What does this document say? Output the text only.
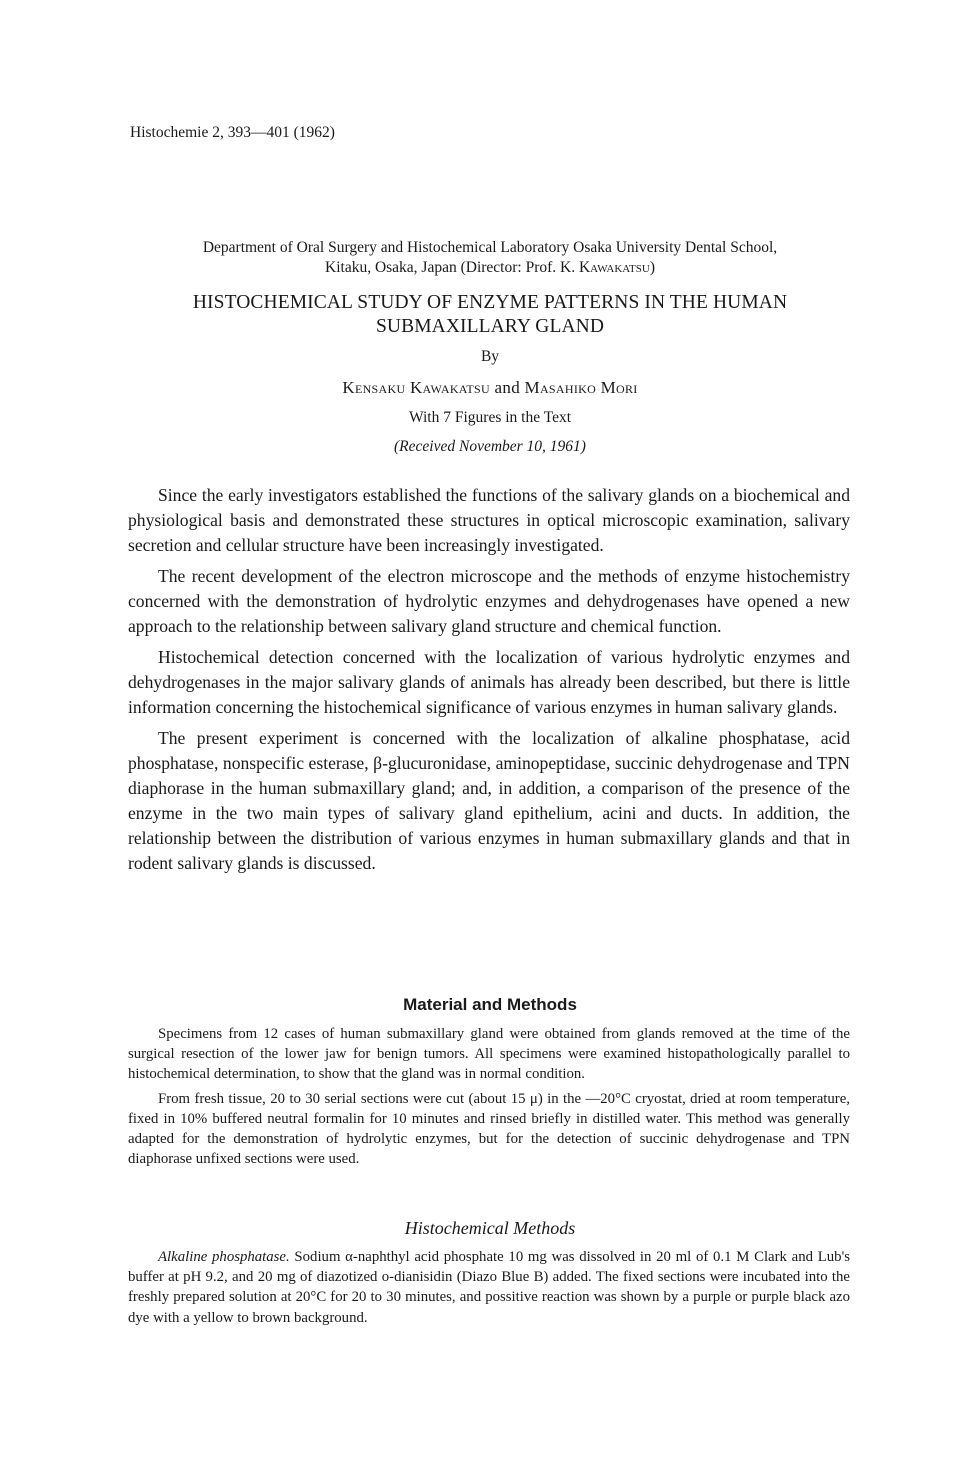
Histochemie 2, 393—401 (1962)
Department of Oral Surgery and Histochemical Laboratory Osaka University Dental School,
Kitaku, Osaka, Japan (Director: Prof. K. Kawakatsu)
HISTOCHEMICAL STUDY OF ENZYME PATTERNS IN THE HUMAN
SUBMAXILLARY GLAND
By
Kensaku Kawakatsu and Masahiko Mori
With 7 Figures in the Text
(Received November 10, 1961)

Since the early investigators established the functions of the salivary glands on a biochemical and physiological basis and demonstrated these structures in optical microscopic examination, salivary secretion and cellular structure have been increasingly investigated.

The recent development of the electron microscope and the methods of enzyme histochemistry concerned with the demonstration of hydrolytic enzymes and dehydrogenases have opened a new approach to the relationship between salivary gland structure and chemical function.

Histochemical detection concerned with the localization of various hydrolytic enzymes and dehydrogenases in the major salivary glands of animals has already been described, but there is little information concerning the histochemical significance of various enzymes in human salivary glands.

The present experiment is concerned with the localization of alkaline phosphatase, acid phosphatase, nonspecific esterase, β-glucuronidase, aminopeptidase, succinic dehydrogenase and TPN diaphorase in the human submaxillary gland; and, in addition, a comparison of the presence of the enzyme in the two main types of salivary gland epithelium, acini and ducts. In addition, the relationship between the distribution of various enzymes in human submaxillary glands and that in rodent salivary glands is discussed.

Material and Methods

Specimens from 12 cases of human submaxillary gland were obtained from glands removed at the time of the surgical resection of the lower jaw for benign tumors. All specimens were examined histopathologically parallel to histochemical determination, to show that the gland was in normal condition.

From fresh tissue, 20 to 30 serial sections were cut (about 15 μ) in the —20°C cryostat, dried at room temperature, fixed in 10% buffered neutral formalin for 10 minutes and rinsed briefly in distilled water. This method was generally adapted for the demonstration of hydrolytic enzymes, but for the detection of succinic dehydrogenase and TPN diaphorase unfixed sections were used.

Histochemical Methods

Alkaline phosphatase. Sodium α-naphthyl acid phosphate 10 mg was dissolved in 20 ml of 0.1 M Clark and Lub's buffer at pH 9.2, and 20 mg of diazotized o-dianisidin (Diazo Blue B) added. The fixed sections were incubated into the freshly prepared solution at 20°C for 20 to 30 minutes, and possitive reaction was shown by a purple or purple black azo dye with a yellow to brown background.
